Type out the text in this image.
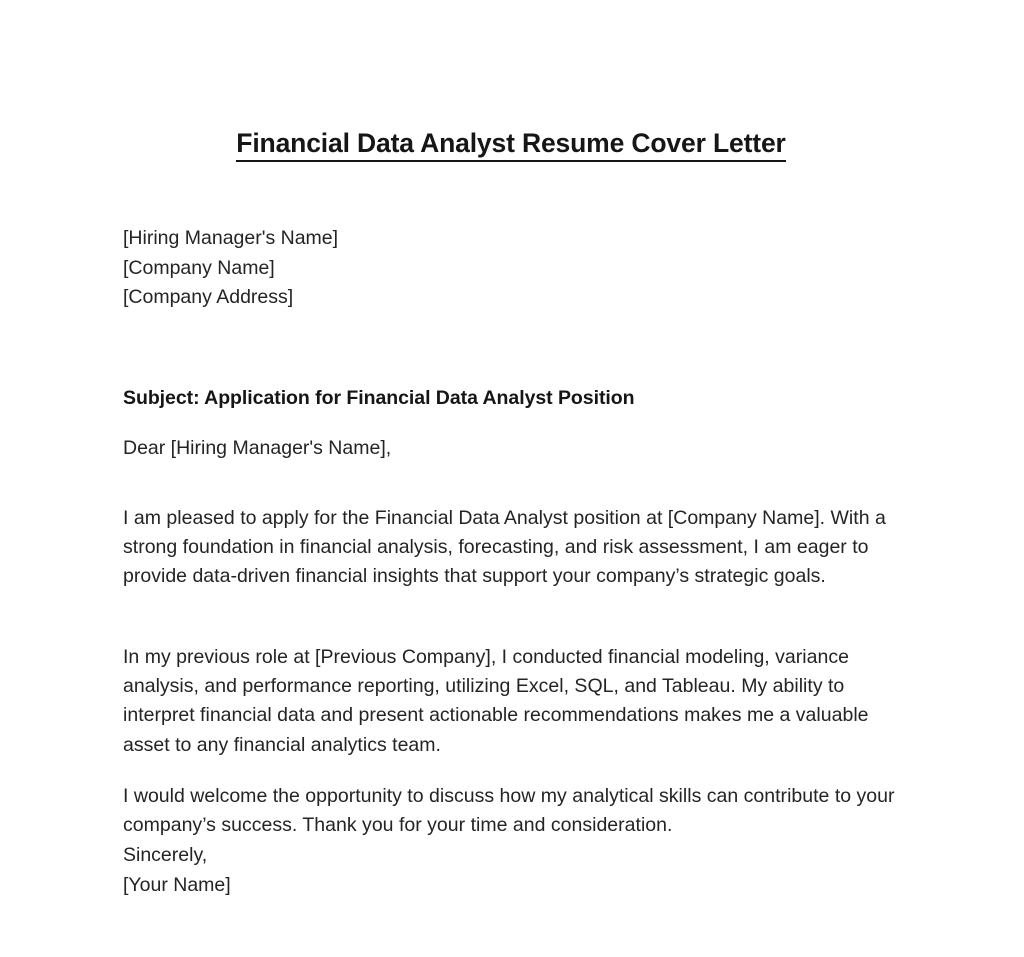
Financial Data Analyst Resume Cover Letter
[Hiring Manager's Name]
[Company Name]
[Company Address]
Subject: Application for Financial Data Analyst Position
Dear [Hiring Manager's Name],

I am pleased to apply for the Financial Data Analyst position at [Company Name]. With a strong foundation in financial analysis, forecasting, and risk assessment, I am eager to provide data-driven financial insights that support your company’s strategic goals.

In my previous role at [Previous Company], I conducted financial modeling, variance analysis, and performance reporting, utilizing Excel, SQL, and Tableau. My ability to interpret financial data and present actionable recommendations makes me a valuable asset to any financial analytics team.

I would welcome the opportunity to discuss how my analytical skills can contribute to your company’s success. Thank you for your time and consideration.

Sincerely,
[Your Name]
